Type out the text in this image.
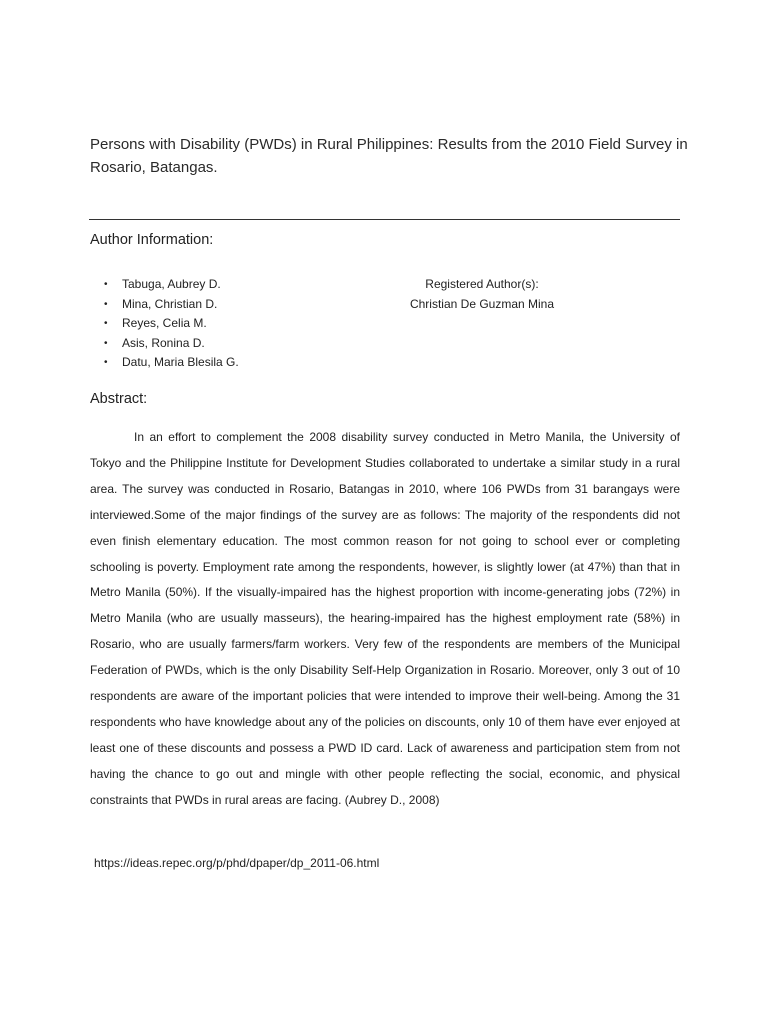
Persons with Disability (PWDs) in Rural Philippines: Results from the 2010 Field Survey in Rosario, Batangas.
Author Information:
• Tabuga, Aubrey D.
• Mina, Christian D.
• Reyes, Celia M.
• Asis, Ronina D.
• Datu, Maria Blesila G.
Registered Author(s):
Christian De Guzman Mina
Abstract:

In an effort to complement the 2008 disability survey conducted in Metro Manila, the University of Tokyo and the Philippine Institute for Development Studies collaborated to undertake a similar study in a rural area. The survey was conducted in Rosario, Batangas in 2010, where 106 PWDs from 31 barangays were interviewed.Some of the major findings of the survey are as follows: The majority of the respondents did not even finish elementary education. The most common reason for not going to school ever or completing schooling is poverty. Employment rate among the respondents, however, is slightly lower (at 47%) than that in Metro Manila (50%). If the visually-impaired has the highest proportion with income-generating jobs (72%) in Metro Manila (who are usually masseurs), the hearing-impaired has the highest employment rate (58%) in Rosario, who are usually farmers/farm workers. Very few of the respondents are members of the Municipal Federation of PWDs, which is the only Disability Self-Help Organization in Rosario. Moreover, only 3 out of 10 respondents are aware of the important policies that were intended to improve their well-being. Among the 31 respondents who have knowledge about any of the policies on discounts, only 10 of them have ever enjoyed at least one of these discounts and possess a PWD ID card. Lack of awareness and participation stem from not having the chance to go out and mingle with other people reflecting the social, economic, and physical constraints that PWDs in rural areas are facing. (Aubrey D., 2008)

https://ideas.repec.org/p/phd/dpaper/dp_2011-06.html
